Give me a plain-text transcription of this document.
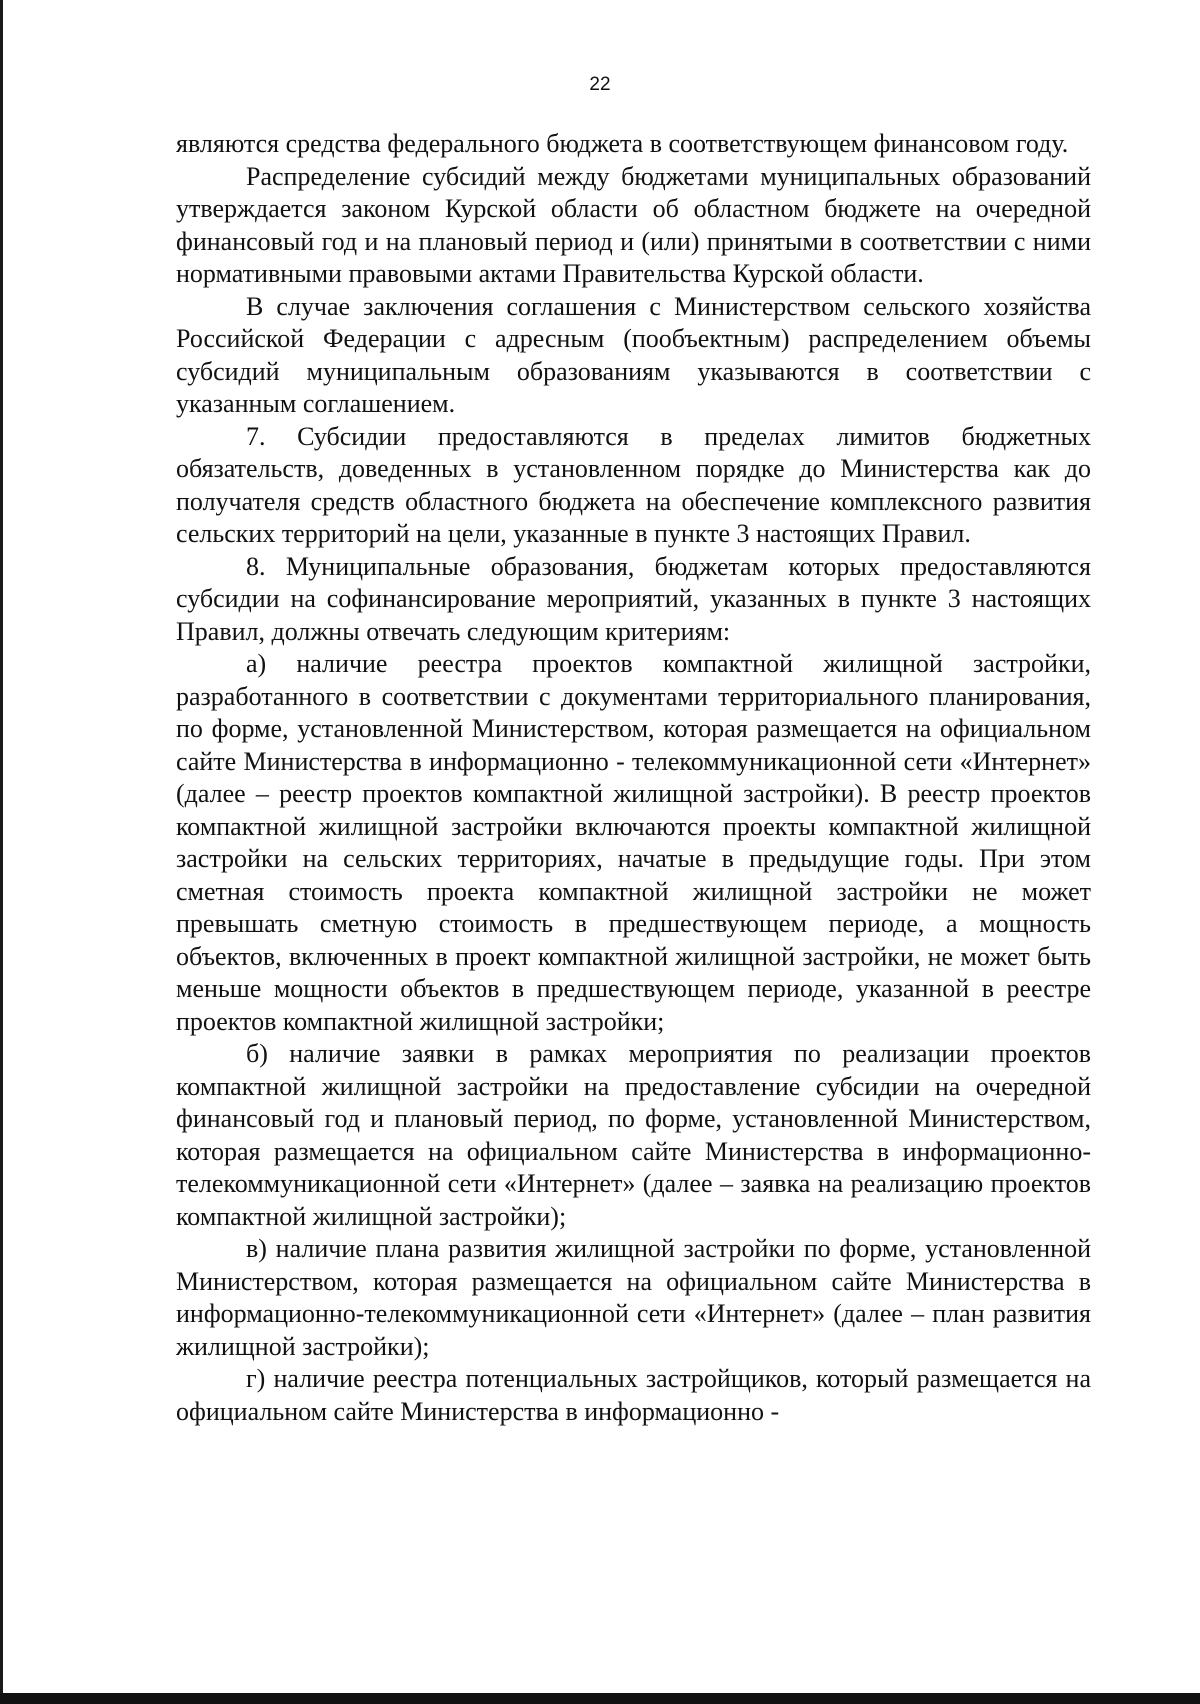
22

являются средства федерального бюджета в соответствующем финансовом году.

Распределение субсидий между бюджетами муниципальных образований утверждается законом Курской области об областном бюджете на очередной финансовый год и на плановый период и (или) принятыми в соответствии с ними нормативными правовыми актами Правительства Курской области.

В случае заключения соглашения с Министерством сельского хозяйства Российской Федерации с адресным (пообъектным) распределением объемы субсидий муниципальным образованиям указываются в соответствии с указанным соглашением.

7. Субсидии предоставляются в пределах лимитов бюджетных обязательств, доведенных в установленном порядке до Министерства как до получателя средств областного бюджета на обеспечение комплексного развития сельских территорий на цели, указанные в пункте 3 настоящих Правил.

8. Муниципальные образования, бюджетам которых предоставляются субсидии на софинансирование мероприятий, указанных в пункте 3 настоящих Правил, должны отвечать следующим критериям:

а) наличие реестра проектов компактной жилищной застройки, разработанного в соответствии с документами территориального планирования, по форме, установленной Министерством, которая размещается на официальном сайте Министерства в информационно - телекоммуникационной сети «Интернет» (далее – реестр проектов компактной жилищной застройки). В реестр проектов компактной жилищной застройки включаются проекты компактной жилищной застройки на сельских территориях, начатые в предыдущие годы. При этом сметная стоимость проекта компактной жилищной застройки не может превышать сметную стоимость в предшествующем периоде, а мощность объектов, включенных в проект компактной жилищной застройки, не может быть меньше мощности объектов в предшествующем периоде, указанной в реестре проектов компактной жилищной застройки;

б) наличие заявки в рамках мероприятия по реализации проектов компактной жилищной застройки на предоставление субсидии на очередной финансовый год и плановый период, по форме, установленной Министерством, которая размещается на официальном сайте Министерства в информационно-телекоммуникационной сети «Интернет» (далее – заявка на реализацию проектов компактной жилищной застройки);

в) наличие плана развития жилищной застройки по форме, установленной Министерством, которая размещается на официальном сайте Министерства в информационно-телекоммуникационной сети «Интернет» (далее – план развития жилищной застройки);

г) наличие реестра потенциальных застройщиков, который размещается на официальном сайте Министерства в информационно -
